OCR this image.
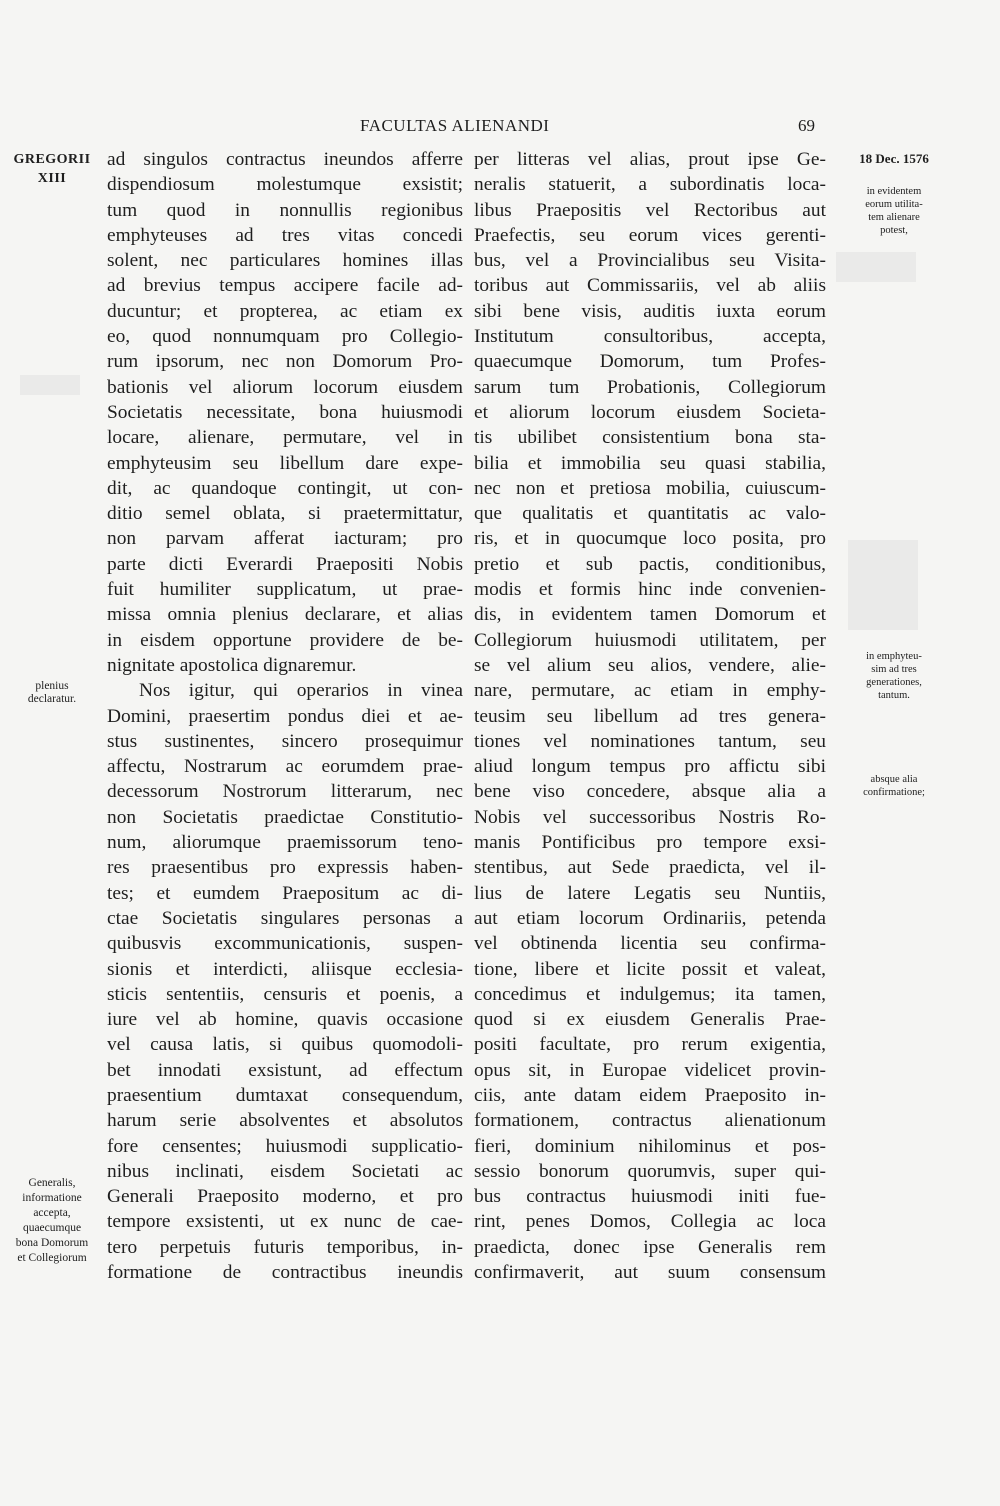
FACULTAS ALIENANDI	69
GREGORII
XIII
plenius
declaratur.
Generalis,
informatione
accepta,
quaecumque
bona Domorum
et Collegiorum
18 Dec. 1576
in evidentem
eorum utilita-
tem alienare
potest,
in emphyteu-
sim ad tres
generationes,
tantum.
absque alia
confirmatione;
ad singulos contractus ineundos afferre
dispendiosum molestumque exsistit;
tum quod in nonnullis regionibus
emphyteuses ad tres vitas concedi
solent, nec particulares homines illas
ad brevius tempus accipere facile ad-
ducuntur; et propterea, ac etiam ex
eo, quod nonnumquam pro Collegio-
rum ipsorum, nec non Domorum Pro-
bationis vel aliorum locorum eiusdem
Societatis necessitate, bona huiusmodi
locare, alienare, permutare, vel in
emphyteusim seu libellum dare expe-
dit, ac quandoque contingit, ut con-
ditio semel oblata, si praetermittatur,
non parvam afferat iacturam; pro
parte dicti Everardi Praepositi Nobis
fuit humiliter supplicatum, ut prae-
missa omnia plenius declarare, et alias
in eisdem opportune providere de be-
nignitate apostolica dignaremur.
Nos igitur, qui operarios in vinea
Domini, praesertim pondus diei et ae-
stus sustinentes, sincero prosequimur
affectu, Nostrarum ac eorumdem prae-
decessorum Nostrorum litterarum, nec
non Societatis praedictae Constitutio-
num, aliorumque praemissorum teno-
res praesentibus pro expressis haben-
tes; et eumdem Praepositum ac di-
ctae Societatis singulares personas a
quibusvis excommunicationis, suspen-
sionis et interdicti, aliisque ecclesia-
sticis sententiis, censuris et poenis, a
iure vel ab homine, quavis occasione
vel causa latis, si quibus quomodoli-
bet innodati exsistunt, ad effectum
praesentium dumtaxat consequendum,
harum serie absolventes et absolutos
fore censentes; huiusmodi supplicatio-
nibus inclinati, eisdem Societati ac
Generali Praeposito moderno, et pro
tempore exsistenti, ut ex nunc de cae-
tero perpetuis futuris temporibus, in-
formatione de contractibus ineundis
per litteras vel alias, prout ipse Ge-
neralis statuerit, a subordinatis loca-
libus Praepositis vel Rectoribus aut
Praefectis, seu eorum vices gerenti-
bus, vel a Provincialibus seu Visita-
toribus aut Commissariis, vel ab aliis
sibi bene visis, auditis iuxta eorum
Institutum consultoribus, accepta,
quaecumque Domorum, tum Profes-
sarum tum Probationis, Collegiorum
et aliorum locorum eiusdem Societa-
tis ubilibet consistentium bona sta-
bilia et immobilia seu quasi stabilia,
nec non et pretiosa mobilia, cuiuscum-
que qualitatis et quantitatis ac valo-
ris, et in quocumque loco posita, pro
pretio et sub pactis, conditionibus,
modis et formis hinc inde convenien-
dis, in evidentem tamen Domorum et
Collegiorum huiusmodi utilitatem, per
se vel alium seu alios, vendere, alie-
nare, permutare, ac etiam in emphy-
teusim seu libellum ad tres genera-
tiones vel nominationes tantum, seu
aliud longum tempus pro affictu sibi
bene viso concedere, absque alia a
Nobis vel successoribus Nostris Ro-
manis Pontificibus pro tempore exsi-
stentibus, aut Sede praedicta, vel il-
lius de latere Legatis seu Nuntiis,
aut etiam locorum Ordinariis, petenda
vel obtinenda licentia seu confirma-
tione, libere et licite possit et valeat,
concedimus et indulgemus; ita tamen,
quod si ex eiusdem Generalis Prae-
positi facultate, pro rerum exigentia,
opus sit, in Europae videlicet provin-
ciis, ante datam eidem Praeposito in-
formationem, contractus alienationum
fieri, dominium nihilominus et pos-
sessio bonorum quorumvis, super qui-
bus contractus huiusmodi initi fue-
rint, penes Domos, Collegia ac loca
praedicta, donec ipse Generalis rem
confirmaverit, aut suum consensum
